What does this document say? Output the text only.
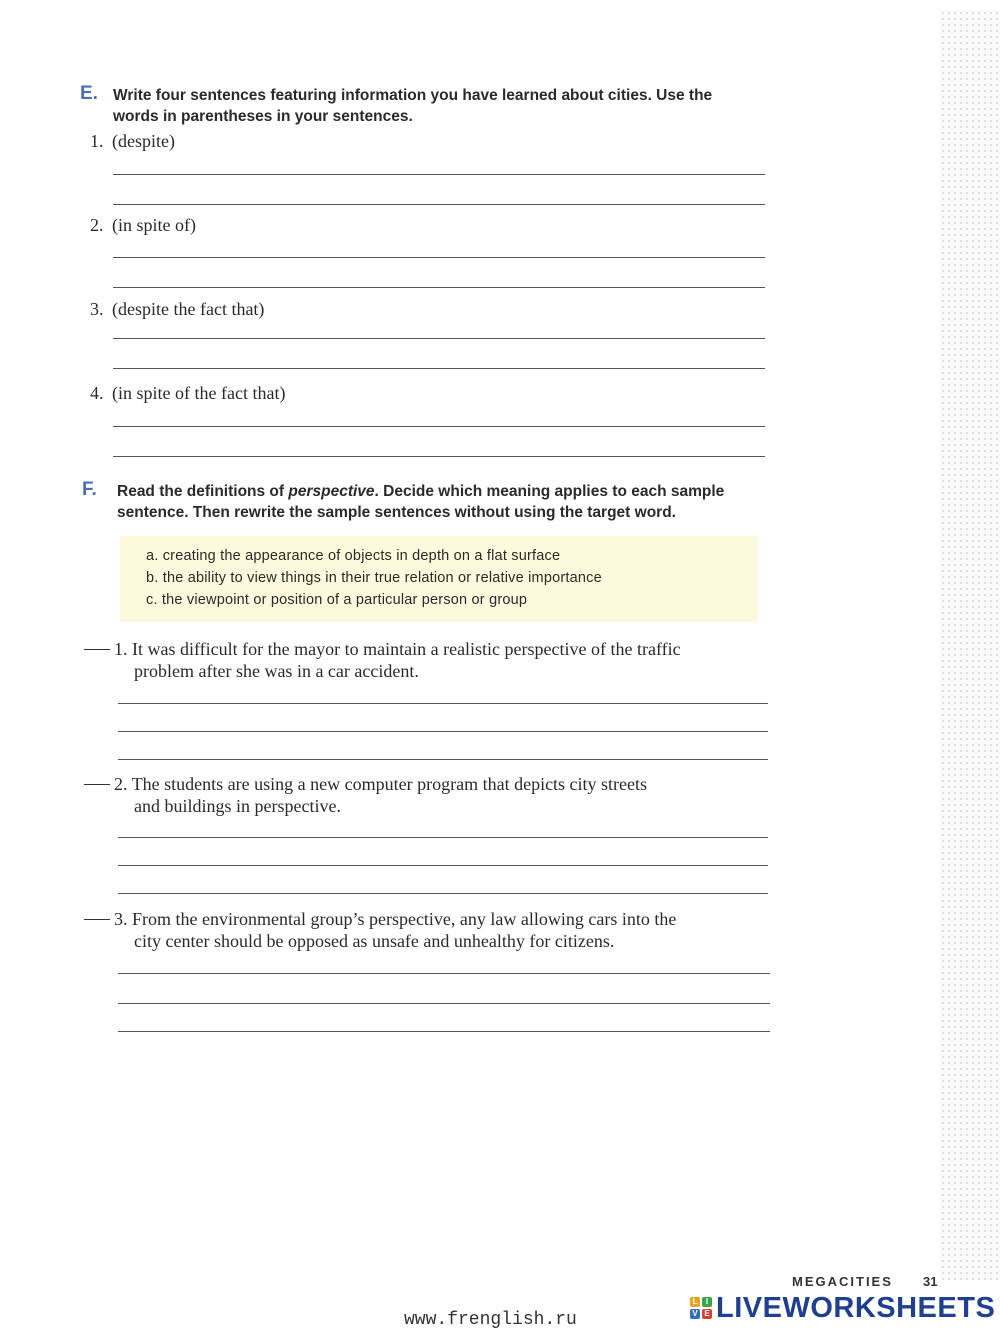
E. Write four sentences featuring information you have learned about cities. Use the
words in parentheses in your sentences.
1. (despite)
2. (in spite of)
3. (despite the fact that)
4. (in spite of the fact that)
F. Read the definitions of perspective. Decide which meaning applies to each sample
sentence. Then rewrite the sample sentences without using the target word.
a. creating the appearance of objects in depth on a flat surface
b. the ability to view things in their true relation or relative importance
c. the viewpoint or position of a particular person or group
1. It was difficult for the mayor to maintain a realistic perspective of the traffic
problem after she was in a car accident.
2. The students are using a new computer program that depicts city streets
and buildings in perspective.
3. From the environmental group’s perspective, any law allowing cars into the
city center should be opposed as unsafe and unhealthy for citizens.
MEGACITIES 31
L	I
V E LIVEWORKSHEETS
www.frenglish.ru
